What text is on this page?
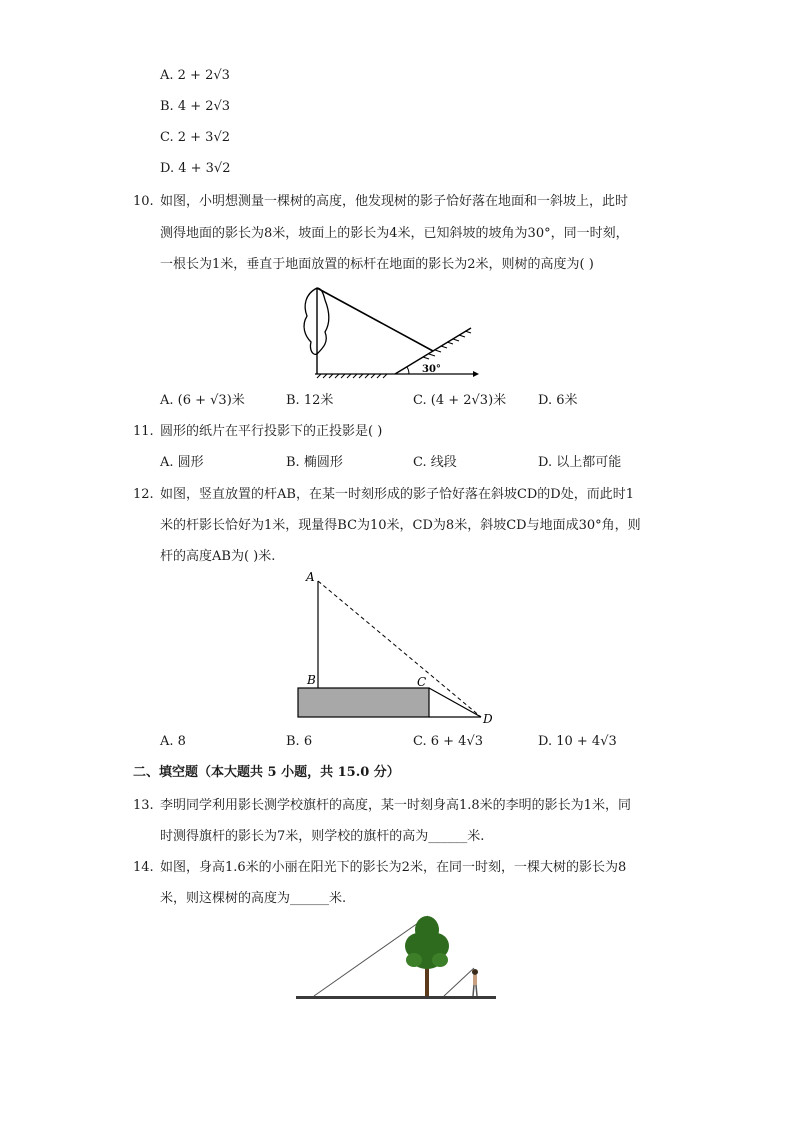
A. 2 + 2√3
B. 4 + 2√3
C. 2 + 3√2
D. 4 + 3√2
10. 如图，小明想测量一棵树的高度，他发现树的影子恰好落在地面和一斜坡上，此时
测得地面的影长为8米，坡面上的影长为4米，已知斜坡的坡角为30°，同一时刻，
一根长为1米，垂直于地面放置的标杆在地面的影长为2米，则树的高度为( )
30°
A. (6 + √3)米	B. 12米	C. (4 + 2√3)米 D. 6米
11. 圆形的纸片在平行投影下的正投影是( )
A. 圆形	B. 椭圆形	C. 线段	D. 以上都可能
12. 如图，竖直放置的杆AB，在某一时刻形成的影子恰好落在斜坡CD的D处，而此时1
米的杆影长恰好为1米，现量得BC为10米，CD为8米，斜坡CD与地面成30°角，则
杆的高度AB为( )米.
A
B	C
D
A. 8	B. 6	C. 6 + 4√3	D. 10 + 4√3
二、填空题（本大题共 5 小题，共 15.0 分）
13. 李明同学利用影长测学校旗杆的高度，某一时刻身高1.8米的李明的影长为1米，同
时测得旗杆的影长为7米，则学校的旗杆的高为______米.
14. 如图，身高1.6米的小丽在阳光下的影长为2米，在同一时刻，一棵大树的影长为8
米，则这棵树的高度为______米.
